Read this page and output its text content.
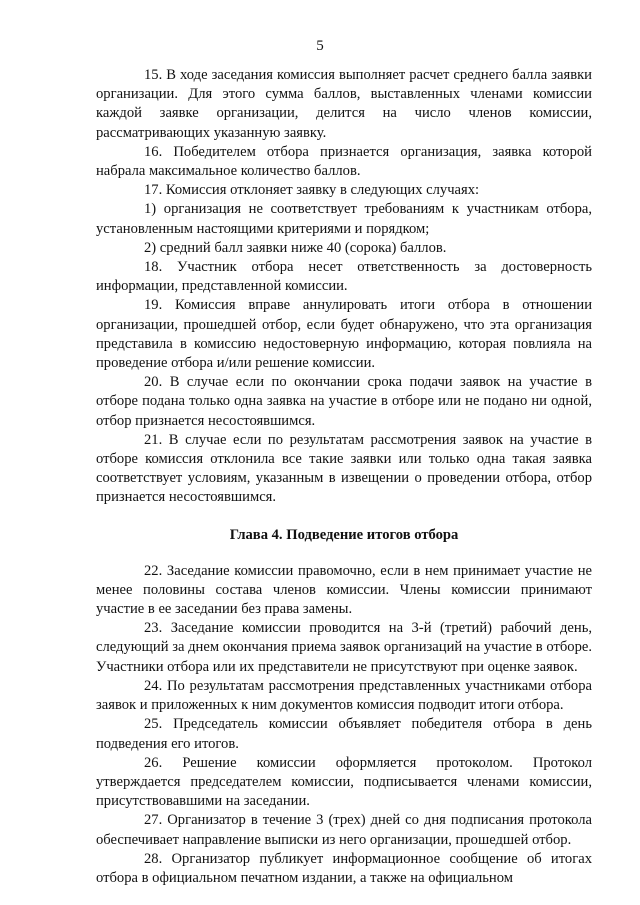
5

15. В ходе заседания комиссия выполняет расчет среднего балла заявки организации. Для этого сумма баллов, выставленных членами комиссии каждой заявке организации, делится на число членов комиссии, рассматривающих указанную заявку.

16. Победителем отбора признается организация, заявка которой набрала максимальное количество баллов.

17. Комиссия отклоняет заявку в следующих случаях:

1) организация не соответствует требованиям к участникам отбора, установленным настоящими критериями и порядком;

2) средний балл заявки ниже 40 (сорока) баллов.

18. Участник отбора несет ответственность за достоверность информации, представленной комиссии.

19. Комиссия вправе аннулировать итоги отбора в отношении организации, прошедшей отбор, если будет обнаружено, что эта организация представила в комиссию недостоверную информацию, которая повлияла на проведение отбора и/или решение комиссии.

20. В случае если по окончании срока подачи заявок на участие в отборе подана только одна заявка на участие в отборе или не подано ни одной, отбор признается несостоявшимся.

21. В случае если по результатам рассмотрения заявок на участие в отборе комиссия отклонила все такие заявки или только одна такая заявка соответствует условиям, указанным в извещении о проведении отбора, отбор признается несостоявшимся.

Глава 4. Подведение итогов отбора

22. Заседание комиссии правомочно, если в нем принимает участие не менее половины состава членов комиссии. Члены комиссии принимают участие в ее заседании без права замены.

23. Заседание комиссии проводится на 3-й (третий) рабочий день, следующий за днем окончания приема заявок организаций на участие в отборе. Участники отбора или их представители не присутствуют при оценке заявок.

24. По результатам рассмотрения представленных участниками отбора заявок и приложенных к ним документов комиссия подводит итоги отбора.

25. Председатель комиссии объявляет победителя отбора в день подведения его итогов.

26. Решение комиссии оформляется протоколом. Протокол утверждается председателем комиссии, подписывается членами комиссии, присутствовавшими на заседании.

27. Организатор в течение 3 (трех) дней со дня подписания протокола обеспечивает направление выписки из него организации, прошедшей отбор.

28. Организатор публикует информационное сообщение об итогах отбора в официальном печатном издании, а также на официальном
